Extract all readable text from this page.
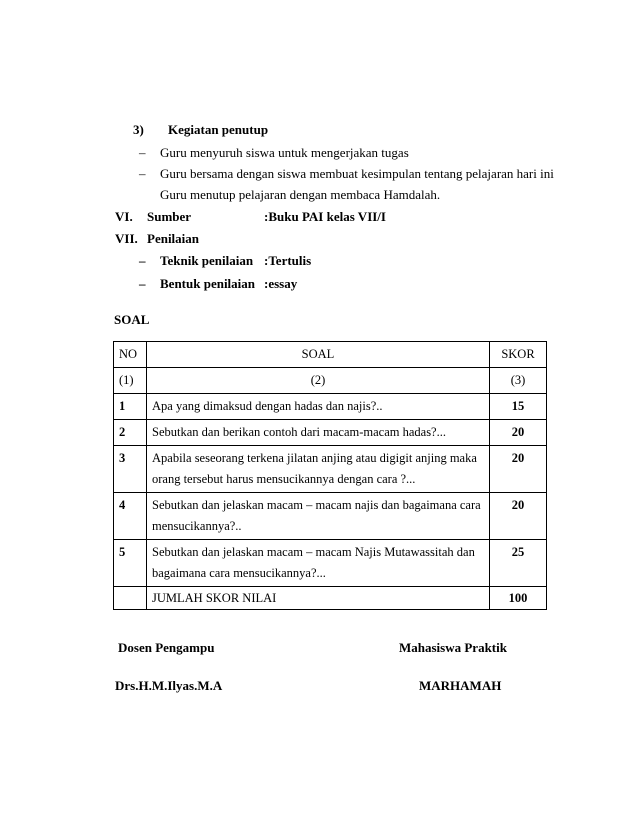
3) Kegiatan penutup
– Guru menyuruh siswa untuk mengerjakan tugas
– Guru bersama dengan siswa membuat kesimpulan tentang pelajaran hari ini
Guru menutup pelajaran dengan membaca Hamdalah.
VI. Sumber	:Buku PAI kelas VII/I
VII. Penilaian
– Teknik penilaian :Tertulis
– Bentuk penilaian :essay
SOAL
NO	SOAL	SKOR
(1)	(2)	(3)
1	Apa yang dimaksud dengan hadas dan najis?..	15
2	Sebutkan dan berikan contoh dari macam-macam hadas?...	20
3	Apabila seseorang terkena jilatan anjing atau digigit anjing maka orang tersebut harus mensucikannya dengan cara ?...	20
4	Sebutkan dan jelaskan macam – macam najis dan bagaimana cara mensucikannya?..	20
5	Sebutkan dan jelaskan macam – macam Najis Mutawassitah dan bagaimana cara mensucikannya?...	25
	JUMLAH SKOR NILAI	100
Dosen Pengampu	Mahasiswa Praktik
Drs.H.M.Ilyas.M.A	MARHAMAH
